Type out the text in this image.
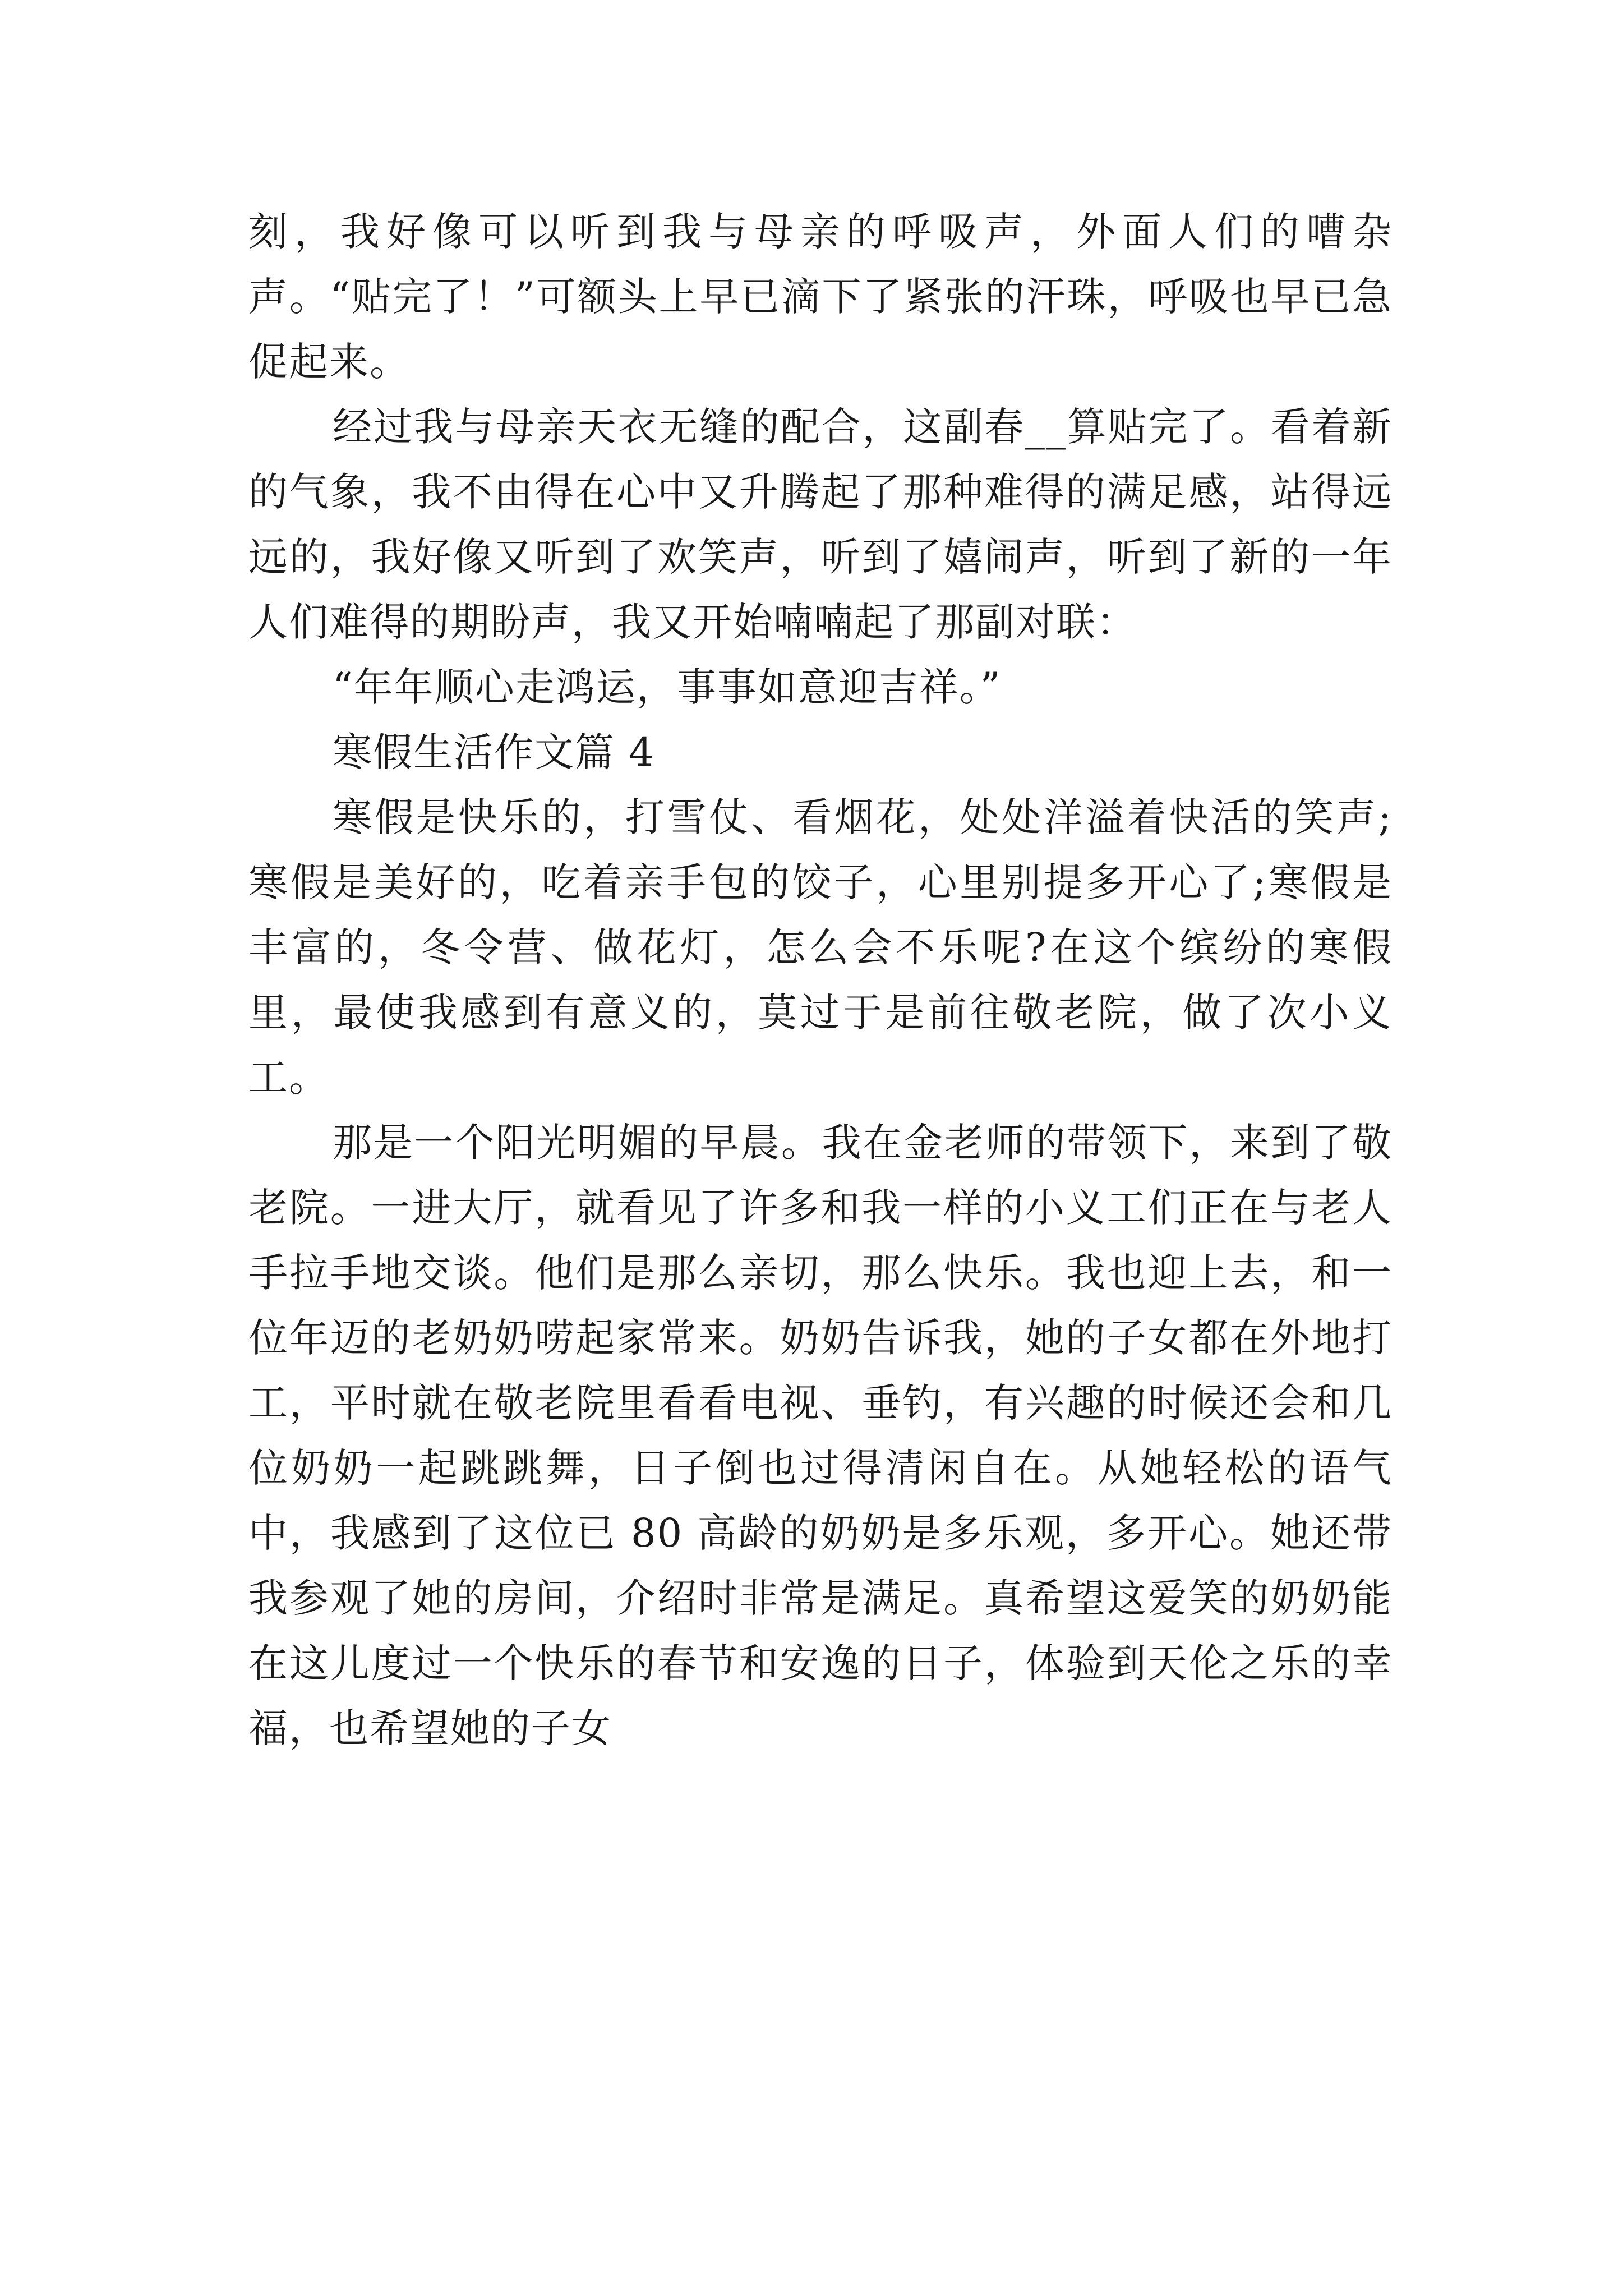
刻，我好像可以听到我与母亲的呼吸声，外面人们的嘈杂声。“贴完了！”可额头上早已滴下了紧张的汗珠，呼吸也早已急促起来。

经过我与母亲天衣无缝的配合，这副春__算贴完了。看着新的气象，我不由得在心中又升腾起了那种难得的满足感，站得远远的，我好像又听到了欢笑声，听到了嬉闹声，听到了新的一年人们难得的期盼声，我又开始喃喃起了那副对联：

“年年顺心走鸿运，事事如意迎吉祥。”

寒假生活作文篇 4

寒假是快乐的，打雪仗、看烟花，处处洋溢着快活的笑声;寒假是美好的，吃着亲手包的饺子，心里别提多开心了;寒假是丰富的，冬令营、做花灯，怎么会不乐呢?在这个缤纷的寒假里，最使我感到有意义的，莫过于是前往敬老院，做了次小义工。

那是一个阳光明媚的早晨。我在金老师的带领下，来到了敬老院。一进大厅，就看见了许多和我一样的小义工们正在与老人手拉手地交谈。他们是那么亲切，那么快乐。我也迎上去，和一位年迈的老奶奶唠起家常来。奶奶告诉我，她的子女都在外地打工，平时就在敬老院里看看电视、垂钓，有兴趣的时候还会和几位奶奶一起跳跳舞，日子倒也过得清闲自在。从她轻松的语气中，我感到了这位已 80 高龄的奶奶是多乐观，多开心。她还带我参观了她的房间，介绍时非常是满足。真希望这爱笑的奶奶能在这儿度过一个快乐的春节和安逸的日子，体验到天伦之乐的幸福，也希望她的子女
